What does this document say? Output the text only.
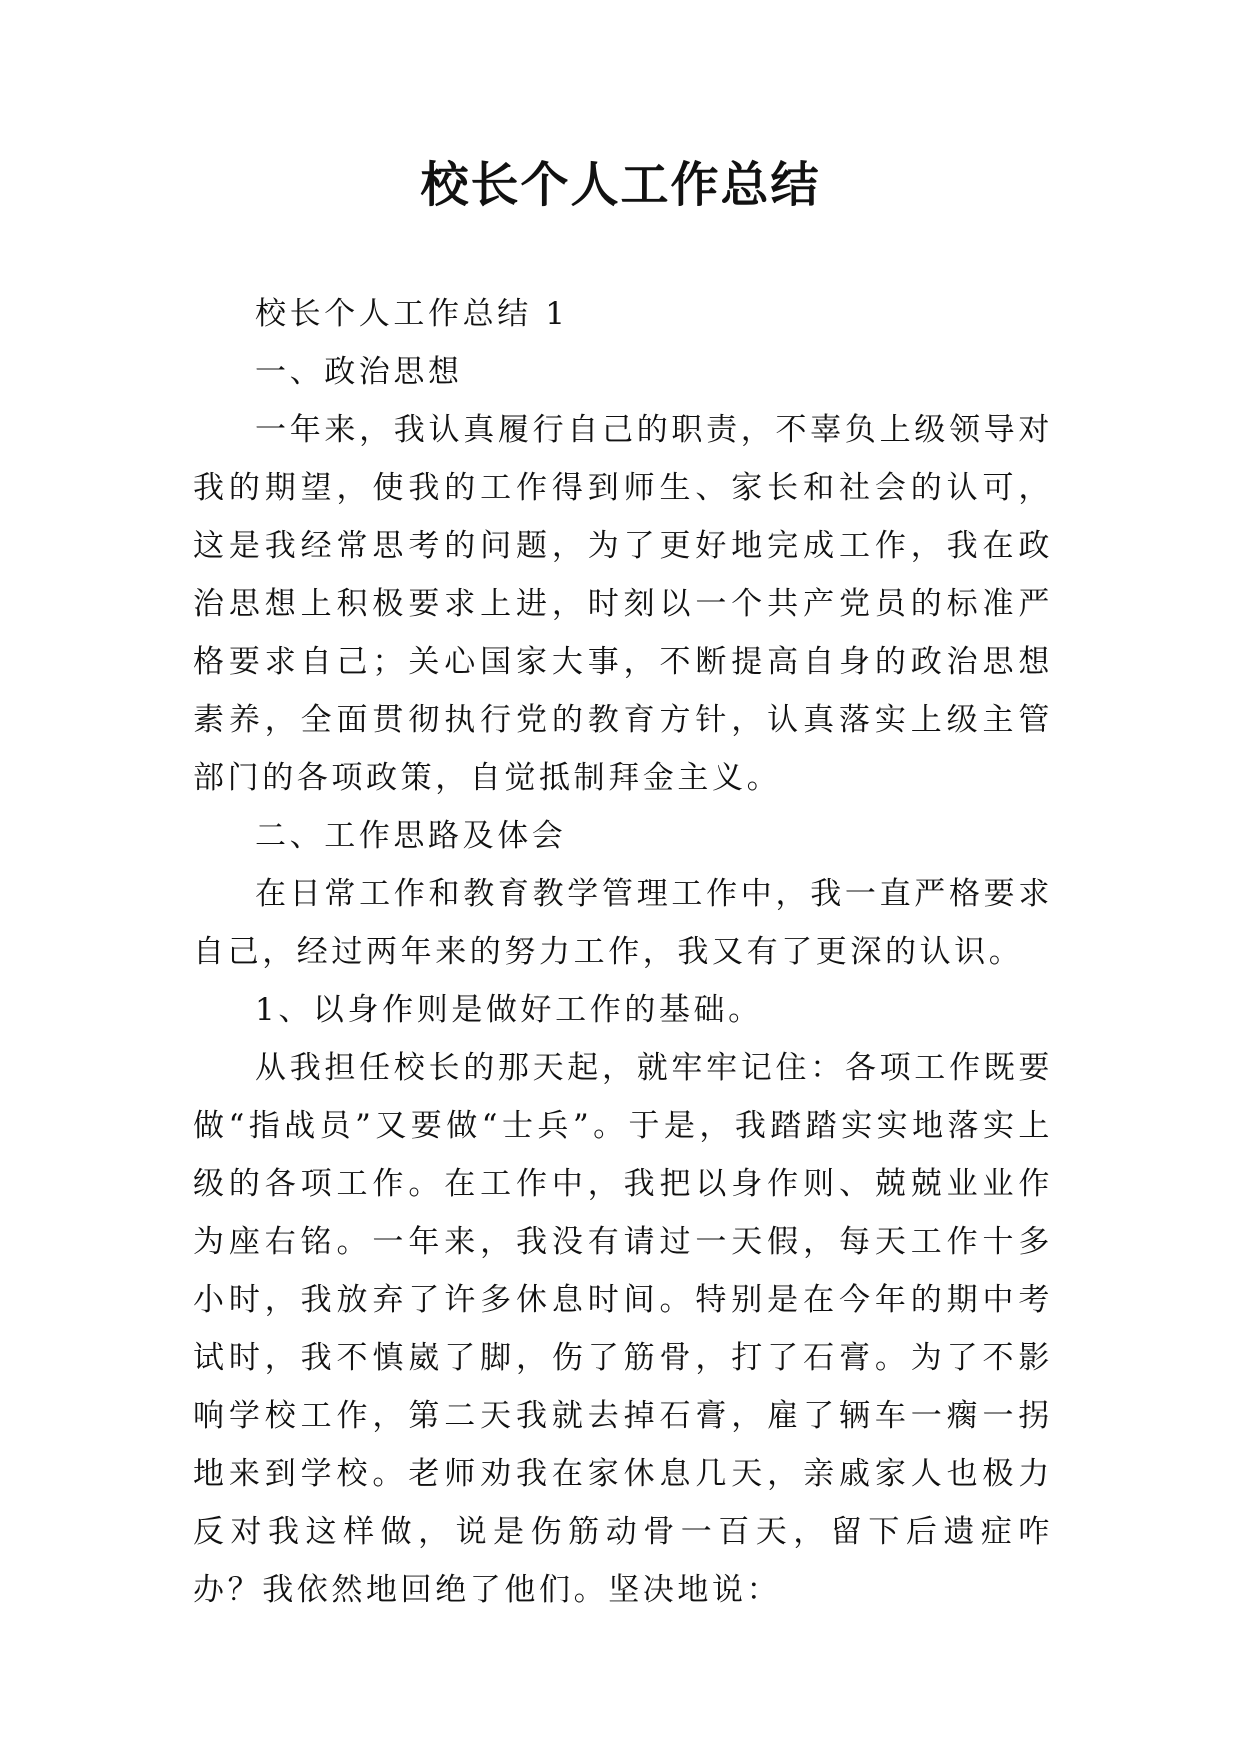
校长个人工作总结

校长个人工作总结 1

一、政治思想

一年来，我认真履行自己的职责，不辜负上级领导对我的期望，使我的工作得到师生、家长和社会的认可，这是我经常思考的问题，为了更好地完成工作，我在政治思想上积极要求上进，时刻以一个共产党员的标准严格要求自己；关心国家大事，不断提高自身的政治思想素养，全面贯彻执行党的教育方针，认真落实上级主管部门的各项政策，自觉抵制拜金主义。

二、工作思路及体会

在日常工作和教育教学管理工作中，我一直严格要求自己，经过两年来的努力工作，我又有了更深的认识。

1、以身作则是做好工作的基础。

从我担任校长的那天起，就牢牢记住：各项工作既要做“指战员”又要做“士兵”。于是，我踏踏实实地落实上级的各项工作。在工作中，我把以身作则、兢兢业业作为座右铭。一年来，我没有请过一天假，每天工作十多小时，我放弃了许多休息时间。特别是在今年的期中考试时，我不慎崴了脚，伤了筋骨，打了石膏。为了不影响学校工作，第二天我就去掉石膏，雇了辆车一瘸一拐地来到学校。老师劝我在家休息几天，亲戚家人也极力反对我这样做，说是伤筋动骨一百天，留下后遗症咋办？我依然地回绝了他们。坚决地说：
